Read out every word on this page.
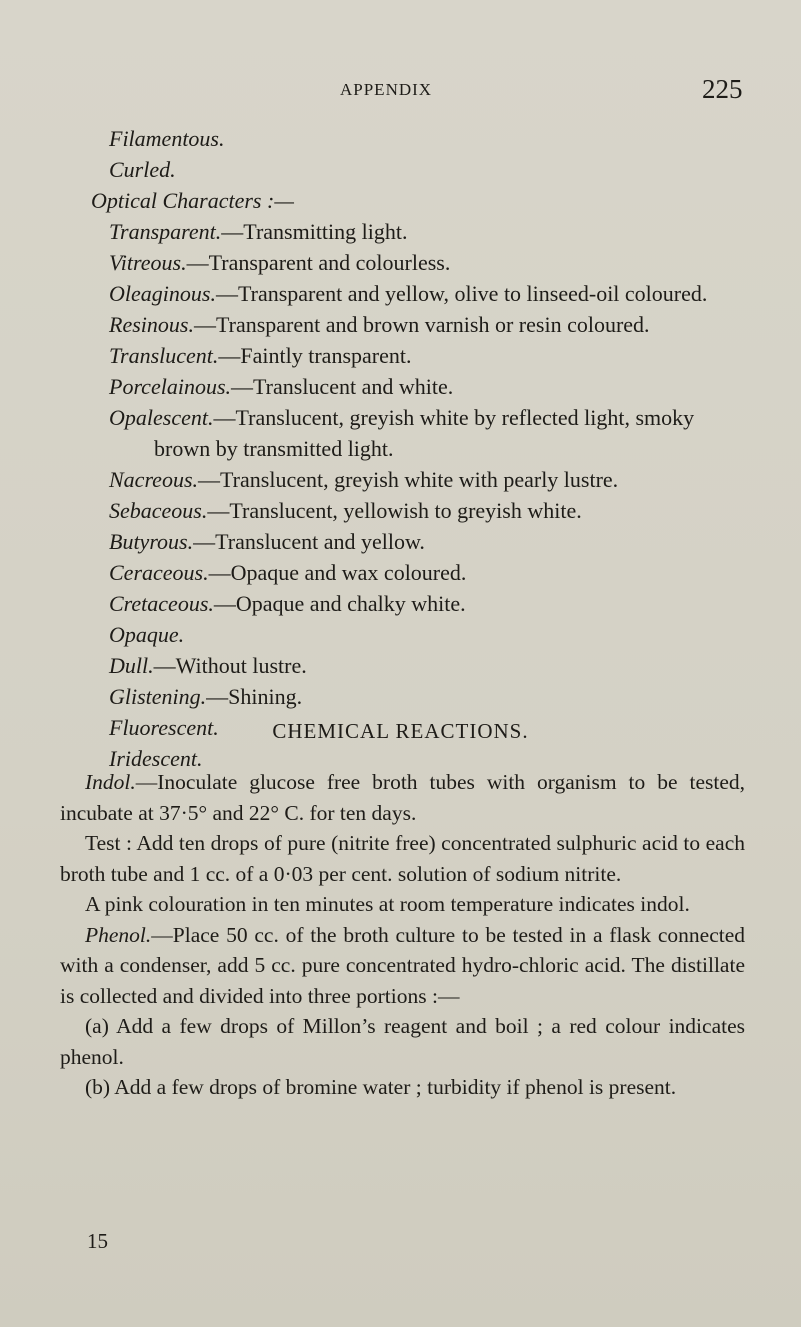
APPENDIX	225
Filamentous.
Curled.
Optical Characters :—
Transparent.—Transmitting light.
Vitreous.—Transparent and colourless.
Oleaginous.—Transparent and yellow, olive to linseed-oil coloured.
Resinous.—Transparent and brown varnish or resin coloured.
Translucent.—Faintly transparent.
Porcelainous.—Translucent and white.
Opalescent.—Translucent, greyish white by reflected light, smoky brown by transmitted light.
Nacreous.—Translucent, greyish white with pearly lustre.
Sebaceous.—Translucent, yellowish to greyish white.
Butyrous.—Translucent and yellow.
Ceraceous.—Opaque and wax coloured.
Cretaceous.—Opaque and chalky white.
Opaque.
Dull.—Without lustre.
Glistening.—Shining.
Fluorescent.
Iridescent.
CHEMICAL REACTIONS.

Indol.—Inoculate glucose free broth tubes with organism to be tested, incubate at 37·5° and 22° C. for ten days.

Test : Add ten drops of pure (nitrite free) concentrated sulphuric acid to each broth tube and 1 cc. of a 0·03 per cent. solution of sodium nitrite.

A pink colouration in ten minutes at room temperature indicates indol.

Phenol.—Place 50 cc. of the broth culture to be tested in a flask connected with a condenser, add 5 cc. pure concentrated hydro-chloric acid. The distillate is collected and divided into three portions :—

(a) Add a few drops of Millon’s reagent and boil ; a red colour indicates phenol.

(b) Add a few drops of bromine water ; turbidity if phenol is present.

15
